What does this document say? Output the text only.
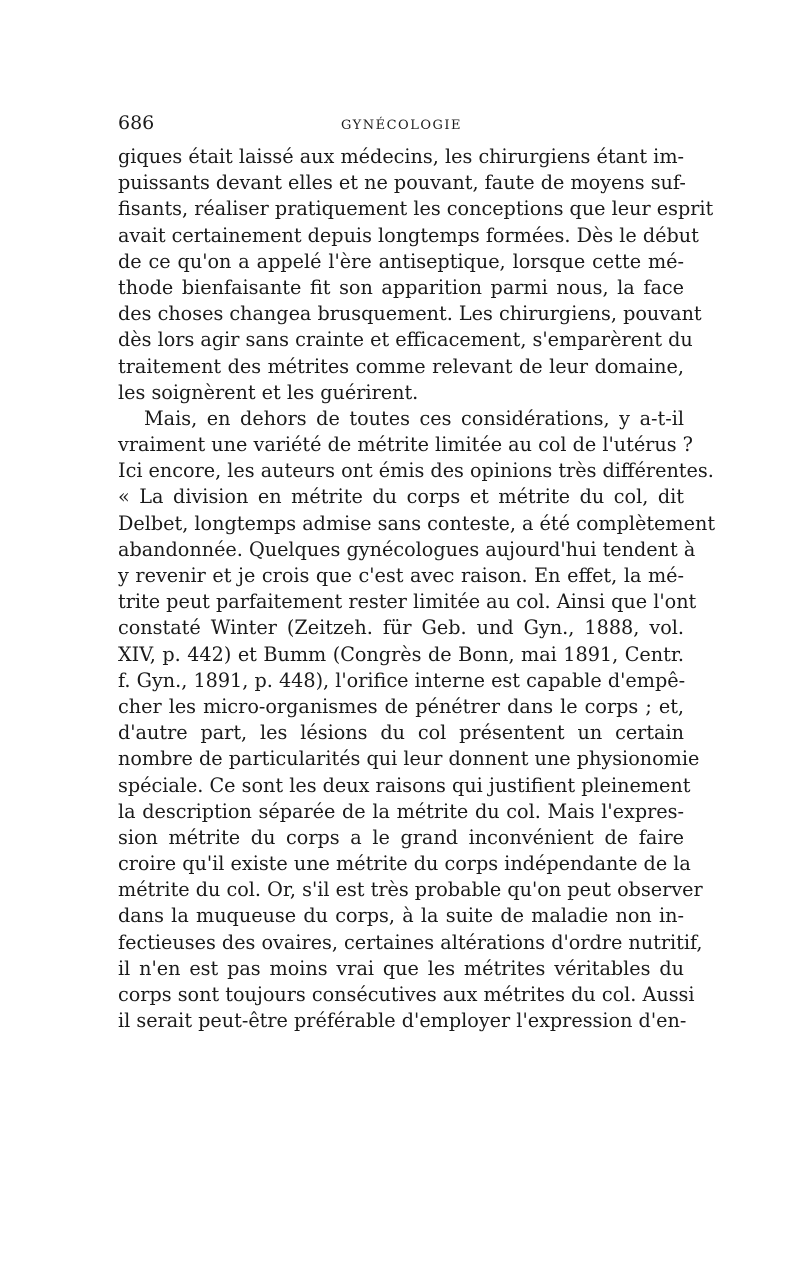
686	GYNÉCOLOGIE
giques était laissé aux médecins, les chirurgiens étant im-
puissants devant elles et ne pouvant, faute de moyens suf-
fisants, réaliser pratiquement les conceptions que leur esprit
avait certainement depuis longtemps formées. Dès le début
de ce qu'on a appelé l'ère antiseptique, lorsque cette mé-
thode bienfaisante fit son apparition parmi nous, la face
des choses changea brusquement. Les chirurgiens, pouvant
dès lors agir sans crainte et efficacement, s'emparèrent du
traitement des métrites comme relevant de leur domaine,
les soignèrent et les guérirent.
Mais, en dehors de toutes ces considérations, y a-t-il
vraiment une variété de métrite limitée au col de l'utérus ?
Ici encore, les auteurs ont émis des opinions très différentes.
« La division en métrite du corps et métrite du col, dit
Delbet, longtemps admise sans conteste, a été complètement
abandonnée. Quelques gynécologues aujourd'hui tendent à
y revenir et je crois que c'est avec raison. En effet, la mé-
trite peut parfaitement rester limitée au col. Ainsi que l'ont
constaté Winter (Zeitzeh. für Geb. und Gyn., 1888, vol.
XIV, p. 442) et Bumm (Congrès de Bonn, mai 1891, Centr.
f. Gyn., 1891, p. 448), l'orifice interne est capable d'empê-
cher les micro-organismes de pénétrer dans le corps ; et,
d'autre part, les lésions du col présentent un certain
nombre de particularités qui leur donnent une physionomie
spéciale. Ce sont les deux raisons qui justifient pleinement
la description séparée de la métrite du col. Mais l'expres-
sion métrite du corps a le grand inconvénient de faire
croire qu'il existe une métrite du corps indépendante de la
métrite du col. Or, s'il est très probable qu'on peut observer
dans la muqueuse du corps, à la suite de maladie non in-
fectieuses des ovaires, certaines altérations d'ordre nutritif,
il n'en est pas moins vrai que les métrites véritables du
corps sont toujours consécutives aux métrites du col. Aussi
il serait peut-être préférable d'employer l'expression d'en-
